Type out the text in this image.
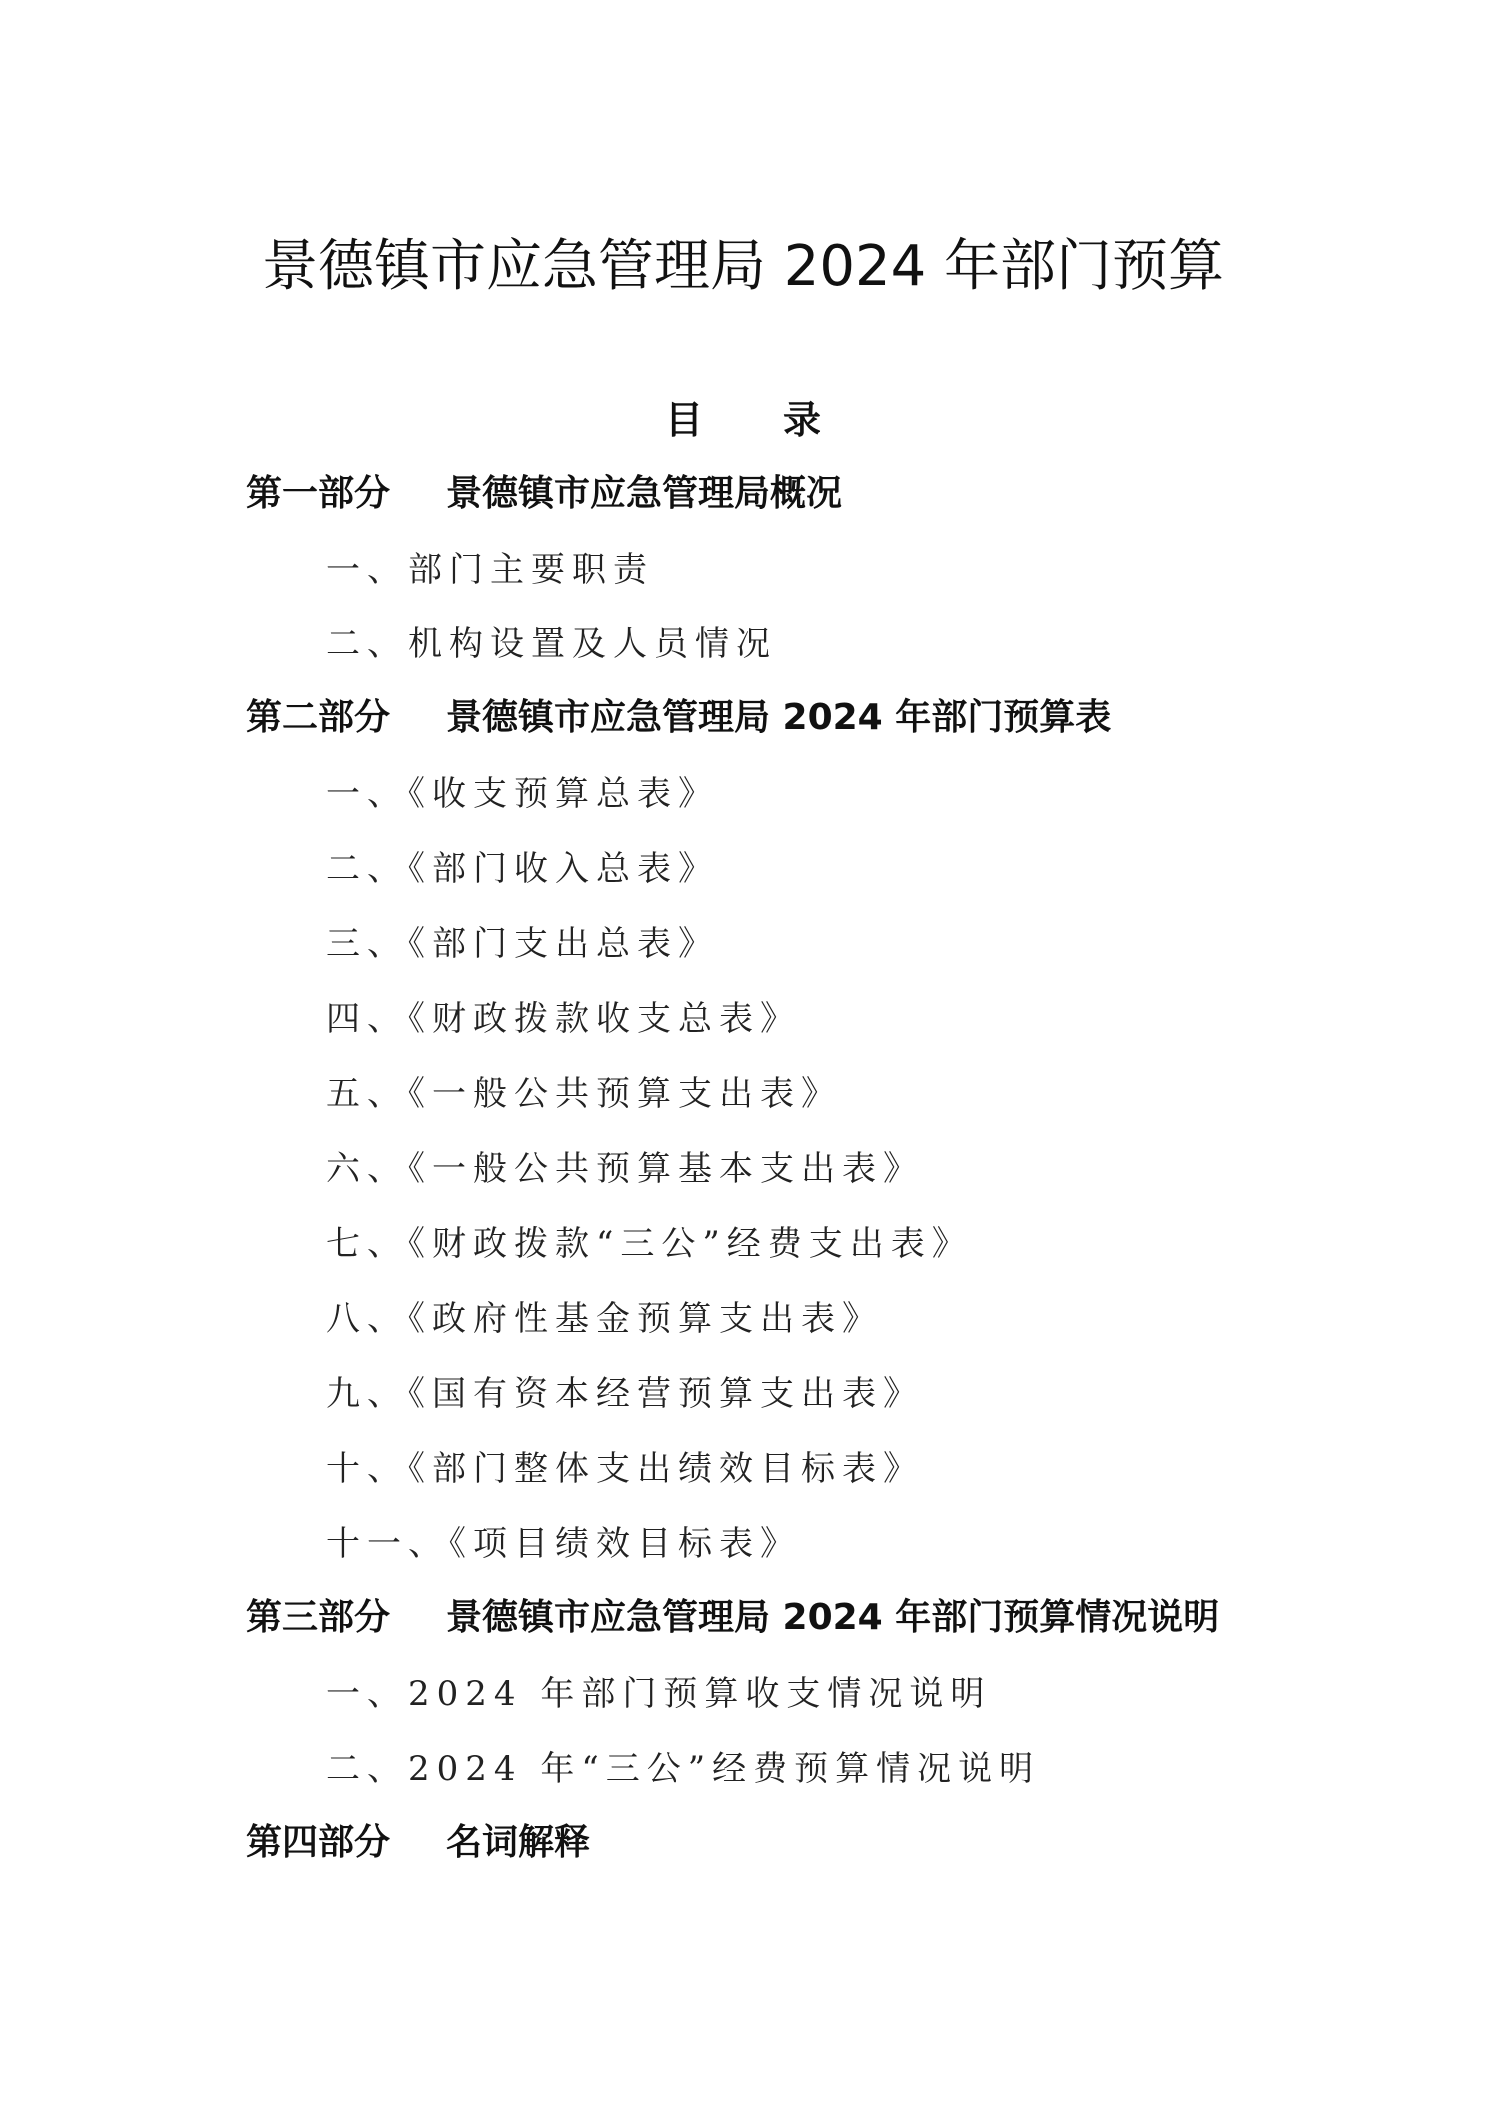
景德镇市应急管理局 2024 年部门预算
目录
第一部分 景德镇市应急管理局概况
一、部门主要职责
二、机构设置及人员情况
第二部分 景德镇市应急管理局 2024 年部门预算表
一、《收支预算总表》
二、《部门收入总表》
三、《部门支出总表》
四、《财政拨款收支总表》
五、《一般公共预算支出表》
六、《一般公共预算基本支出表》
七、《财政拨款“三公”经费支出表》
八、《政府性基金预算支出表》
九、《国有资本经营预算支出表》
十、《部门整体支出绩效目标表》
十一、《项目绩效目标表》
第三部分 景德镇市应急管理局 2024 年部门预算情况说明
一、2024 年部门预算收支情况说明
二、2024 年“三公”经费预算情况说明
第四部分 名词解释
